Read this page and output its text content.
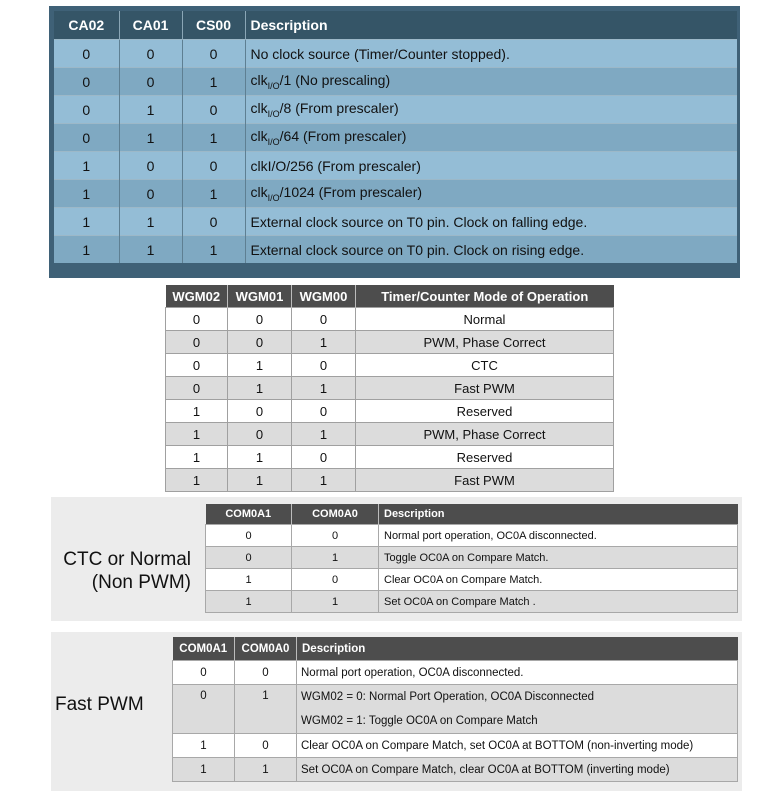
CA02	CA01	CS00	Description
0	0	0	No clock source (Timer/Counter stopped).
0	0	1	clk$_{I/O}$/1 (No prescaling)
0	1	0	clk$_{I/O}$/8 (From prescaler)
0	1	1	clk$_{I/O}$/64 (From prescaler)
1	0	0	clkI/O/256 (From prescaler)
1	0	1	clk$_{I/O}$/1024 (From prescaler)
1	1	0	External clock source on T0 pin. Clock on falling edge.
1	1	1	External clock source on T0 pin. Clock on rising edge.
WGM02	WGM01	WGM00	Timer/Counter Mode of Operation
0	0	0	Normal
0	0	1	PWM, Phase Correct
0	1	0	CTC
0	1	1	Fast PWM
1	0	0	Reserved
1	0	1	PWM, Phase Correct
1	1	0	Reserved
1	1	1	Fast PWM
CTC or Normal
(Non PWM)
COM0A1	COM0A0	Description
0	0	Normal port operation, OC0A disconnected.
0	1	Toggle OC0A on Compare Match.
1	0	Clear OC0A on Compare Match.
1	1	Set OC0A on Compare Match .
Fast PWM
COM0A1	COM0A0	Description
0	0	Normal port operation, OC0A disconnected.
0	1	WGM02 = 0: Normal Port Operation, OC0A Disconnected
WGM02 = 1: Toggle OC0A on Compare Match

1	0	Clear OC0A on Compare Match, set OC0A at BOTTOM (non-inverting mode)
1	1	Set OC0A on Compare Match, clear OC0A at BOTTOM (inverting mode)
